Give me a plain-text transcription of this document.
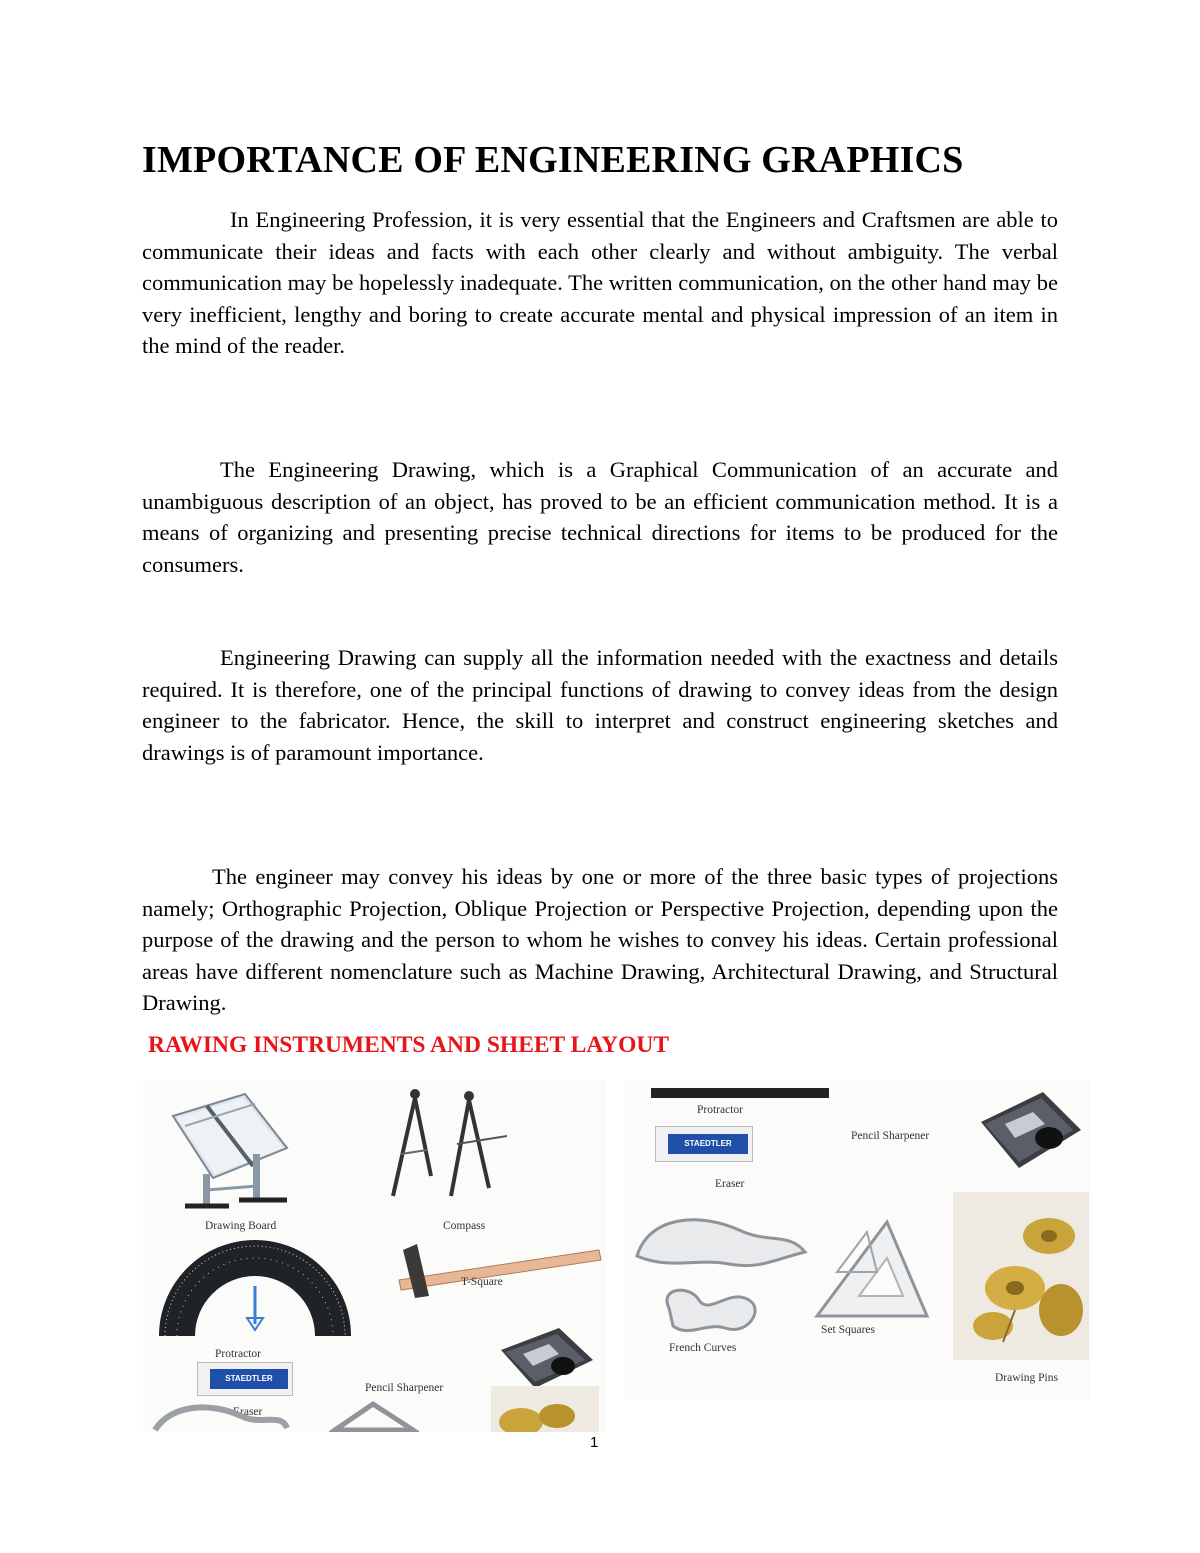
IMPORTANCE OF ENGINEERING GRAPHICS

In Engineering Profession, it is very essential that the Engineers and Craftsmen are able to communicate their ideas and facts with each other clearly and without ambiguity. The verbal communication may be hopelessly inadequate. The written communication, on the other hand may be very inefficient, lengthy and boring to create accurate mental and physical impression of an item in the mind of the reader.

The Engineering Drawing, which is a Graphical Communication of an accurate and unambiguous description of an object, has proved to be an efficient communication method. It is a means of organizing and presenting precise technical directions for items to be produced for the consumers.

Engineering Drawing can supply all the information needed with the exactness and details required. It is therefore, one of the principal functions of drawing to convey ideas from the design engineer to the fabricator. Hence, the skill to interpret and construct engineering sketches and drawings is of paramount importance.

The engineer may convey his ideas by one or more of the three basic types of projections namely; Orthographic Projection, Oblique Projection or Perspective Projection, depending upon the purpose of the drawing and the person to whom he wishes to convey his ideas. Certain professional areas have different nomenclature such as Machine Drawing, Architectural Drawing, and Structural Drawing.

RAWING INSTRUMENTS AND SHEET LAYOUT
Drawing Board	Compass
Protractor
T-Square
STAEDTLER
Eraser
Pencil Sharpener
Protractor
STAEDTLER
Eraser
Pencil Sharpener
French Curves
Set Squares
Drawing Pins
1
